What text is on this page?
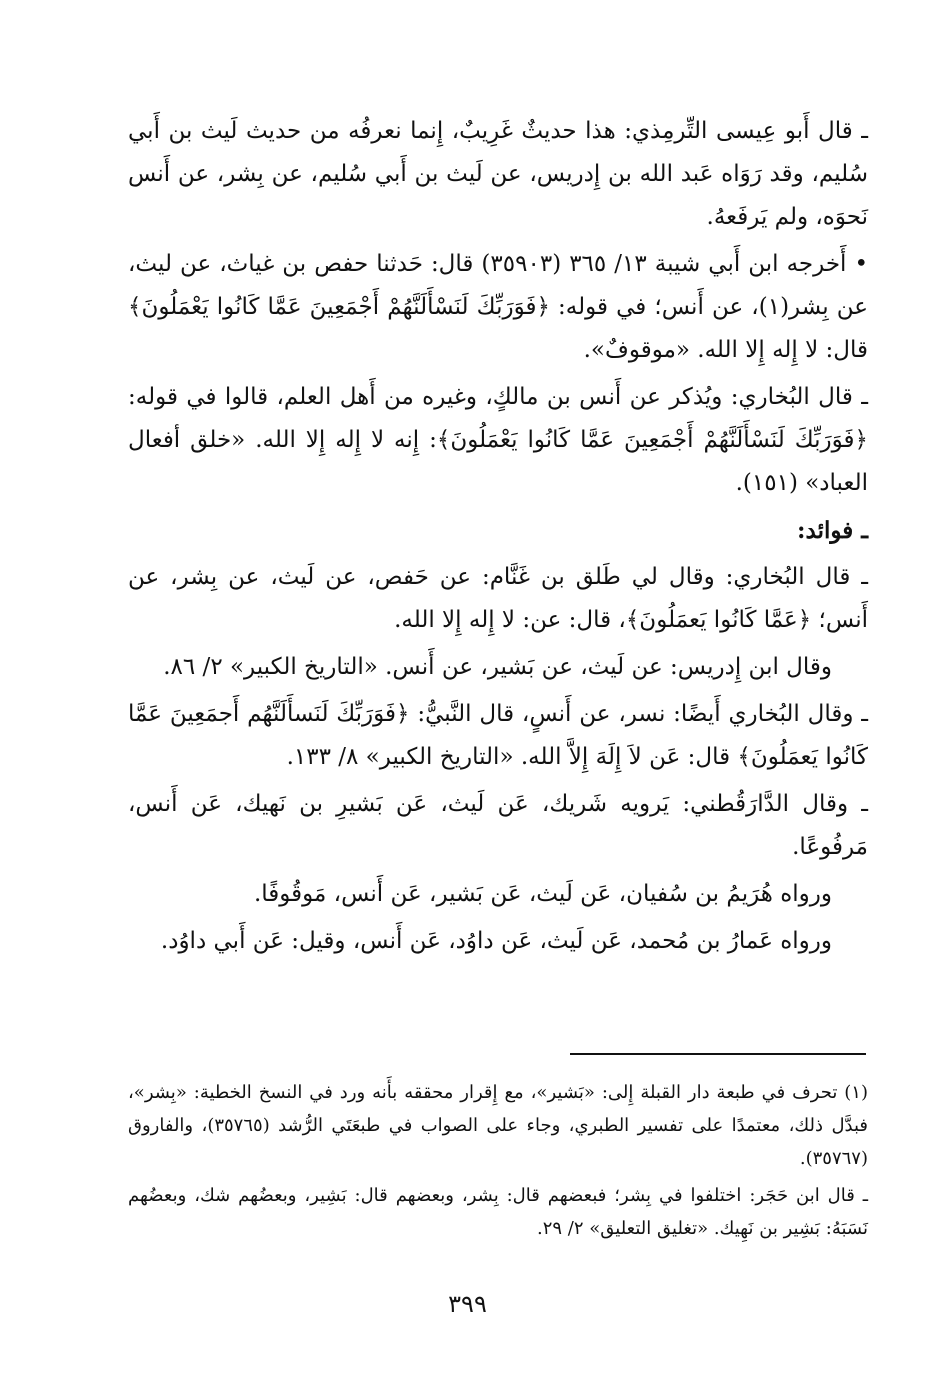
ـ قال أَبو عِيسى التِّرمِذي: هذا حديثٌ غَرِيبٌ، إِنما نعرفُه من حديث لَيث بن أَبي سُليم، وقد رَوَاه عَبد الله بن إِدريس، عن لَيث بن أَبي سُليم، عن بِشر، عن أَنس نَحوَه، ولم يَرفَعهُ.

• أَخرجه ابن أَبي شيبة ١٣/ ٣٦٥ (٣٥٩٠٣) قال: حَدثنا حفص بن غياث، عن ليث، عن بِشر(١)، عن أَنس؛ في قوله: ﴿فَوَرَبِّكَ لَنَسْأَلَنَّهُمْ أَجْمَعِينَ عَمَّا كَانُوا يَعْمَلُونَ﴾ قال: لا إِله إِلا الله. «موقوفٌ».

ـ قال البُخاري: ويُذكر عن أَنس بن مالكٍ، وغيره من أَهل العلم، قالوا في قوله: ﴿فَوَرَبِّكَ لَنَسْأَلَنَّهُمْ أَجْمَعِينَ عَمَّا كَانُوا يَعْمَلُونَ﴾: إِنه لا إِله إِلا الله. «خلق أفعال العباد» (١٥١).

ـ فوائد:

ـ قال البُخاري: وقال لي طَلق بن غَنَّام: عن حَفص، عن لَيث، عن بِشر، عن أَنس؛ ﴿عَمَّا كَانُوا يَعمَلُونَ﴾، قال: عن: لا إِله إِلا الله.

وقال ابن إِدريس: عن لَيث، عن بَشير، عن أَنس. «التاريخ الكبير» ٢/ ٨٦.

ـ وقال البُخاري أَيضًا: نسر، عن أَنسٍ، قال النَّبيُّ: ﴿فَوَرَبِّكَ لَنَسأَلَنَّهُم أَجمَعِينَ عَمَّا كَانُوا يَعمَلُونَ﴾ قال: عَن لاَ إِلَهَ إِلاَّ الله. «التاريخ الكبير» ٨/ ١٣٣.

ـ وقال الدَّارَقُطني: يَرويه شَريك، عَن لَيث، عَن بَشيرِ بن نَهيك، عَن أَنس، مَرفُوعًا.

ورواه هُرَيمُ بن سُفيان، عَن لَيث، عَن بَشير، عَن أَنس، مَوقُوفًا.

ورواه عَمارُ بن مُحمد، عَن لَيث، عَن داوُد، عَن أَنس، وقيل: عَن أَبي داوُد.

(١) تحرف في طبعة دار القبلة إِلى: «بَشير»، مع إِقرار محققه بأَنه ورد في النسخ الخطية: «بِشر»، فبدَّل ذلك، معتمدًا على تفسير الطبري، وجاء على الصواب في طبعَتَي الرُّشد (٣٥٧٦٥)، والفاروق (٣٥٧٦٧).

ـ قال ابن حَجَر: اختلفوا في بِشر؛ فبعضهم قال: بِشر، وبعضهم قال: بَشِير، وبعضُهم شك، وبعضُهم نَسَبَهُ: بَشِير بن نَهِيك. «تغليق التعليق» ٢/ ٢٩.

٣٩٩
